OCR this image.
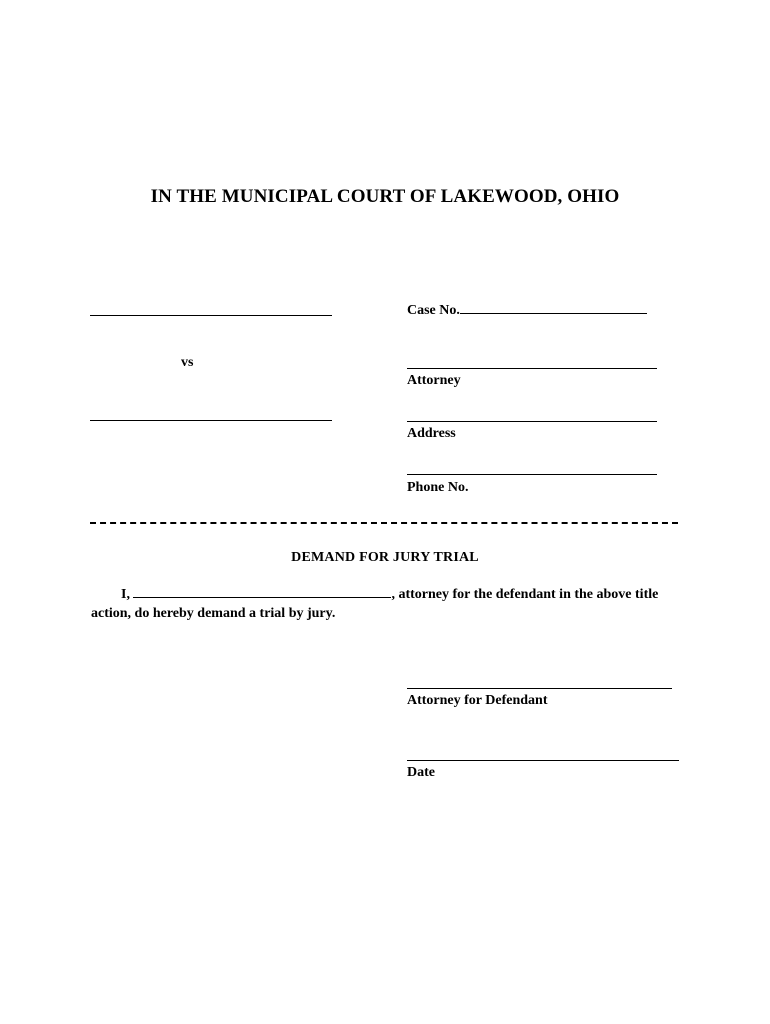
IN THE MUNICIPAL COURT OF LAKEWOOD, OHIO
Case No.
vs
Attorney
Address
Phone No.
DEMAND FOR JURY TRIAL
I,	, attorney for the defendant in the above title action, do hereby demand a trial by jury.
Attorney for Defendant
Date
